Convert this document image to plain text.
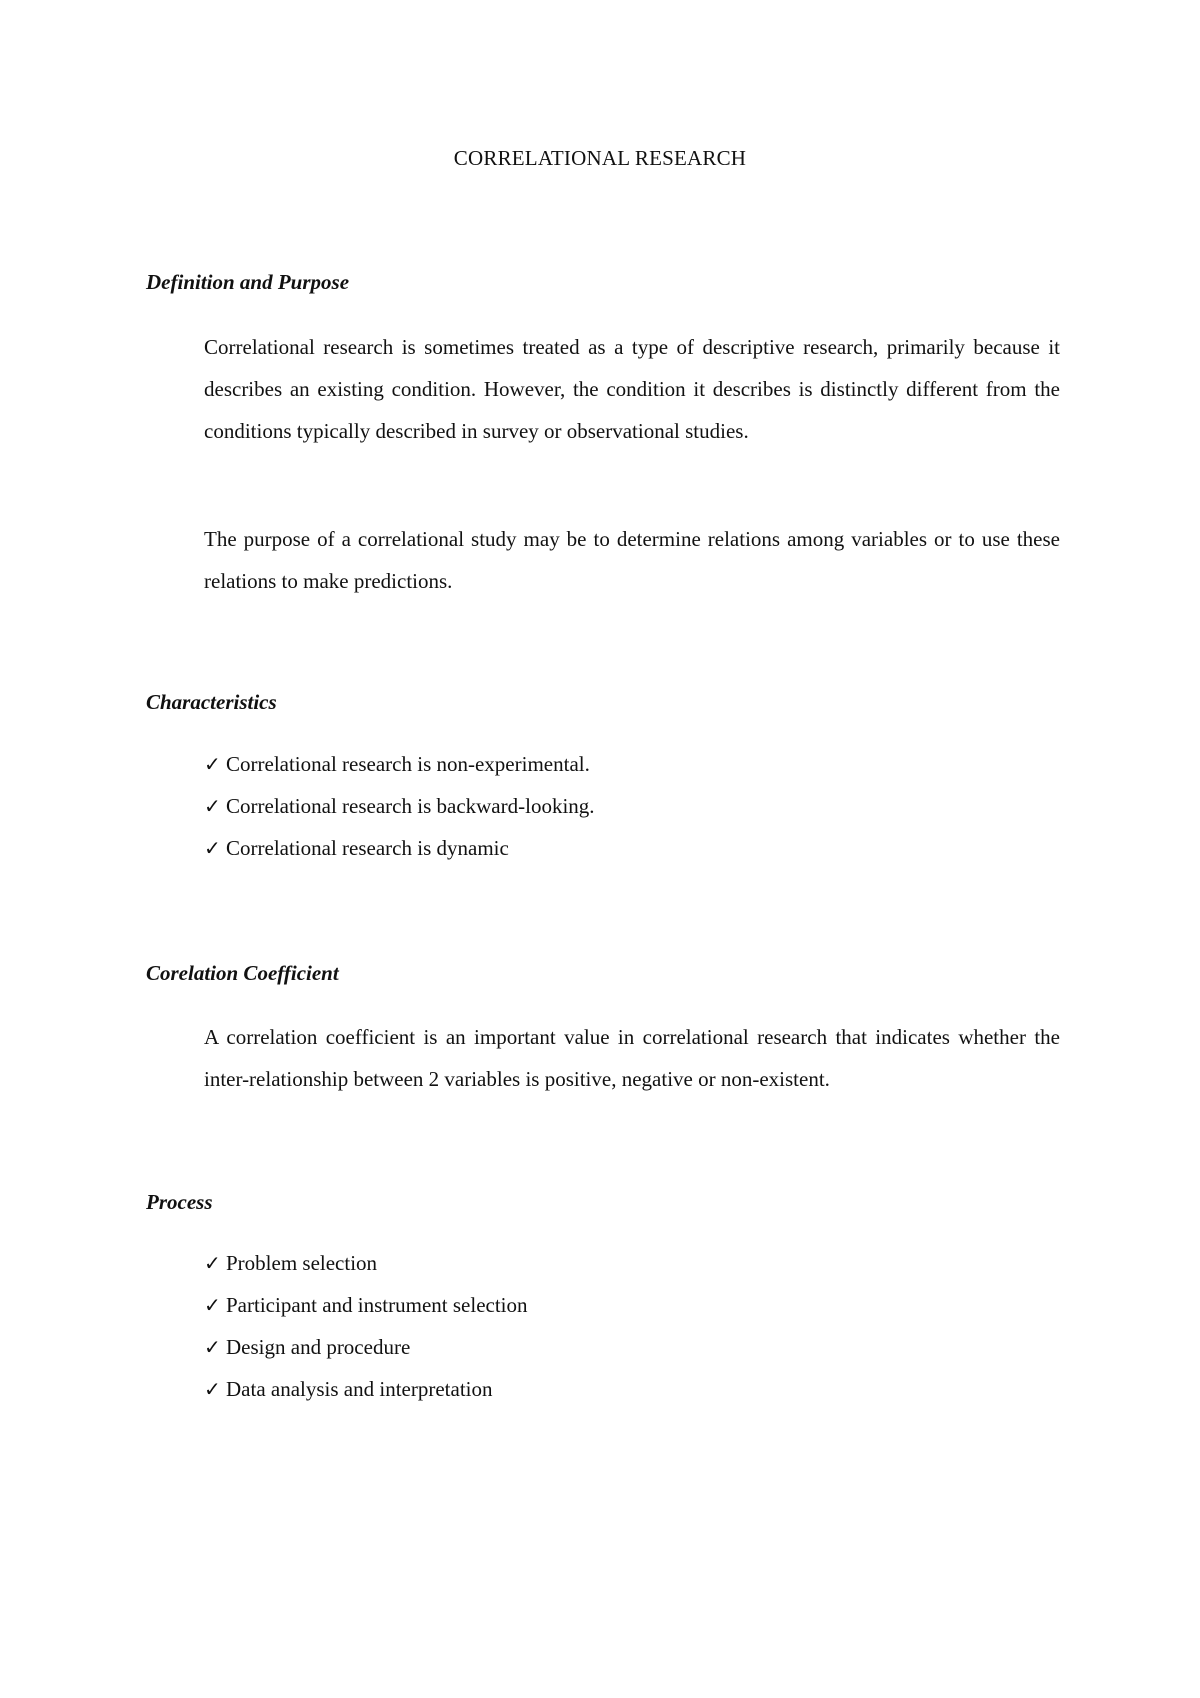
CORRELATIONAL RESEARCH
Definition and Purpose

Correlational research is sometimes treated as a type of descriptive research, primarily because it describes an existing condition. However, the condition it describes is distinctly different from the conditions typically described in survey or observational studies.

The purpose of a correlational study may be to determine relations among variables or to use these relations to make predictions.

Characteristics
✓ Correlational research is non-experimental.
✓ Correlational research is backward-looking.
✓ Correlational research is dynamic
Corelation Coefficient

A correlation coefficient is an important value in correlational research that indicates whether the inter-relationship between 2 variables is positive, negative or non-existent.

Process
✓ Problem selection
✓ Participant and instrument selection
✓ Design and procedure
✓ Data analysis and interpretation
